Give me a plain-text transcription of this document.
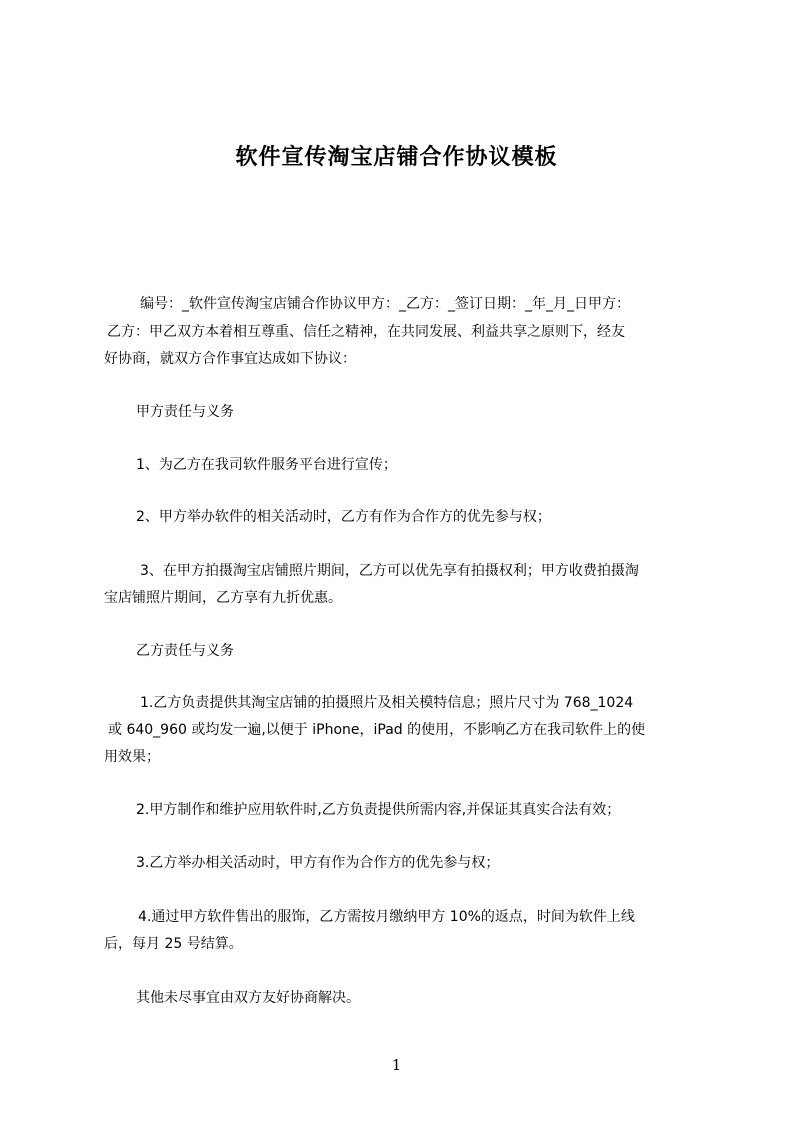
软件宣传淘宝店铺合作协议模板
编号：_软件宣传淘宝店铺合作协议甲方：_乙方：_签订日期：_年_月_日甲方：
乙方：甲乙双方本着相互尊重、信任之精神，在共同发展、利益共享之原则下，经友
好协商，就双方合作事宜达成如下协议：
甲方责任与义务
1、为乙方在我司软件服务平台进行宣传；
2、甲方举办软件的相关活动时，乙方有作为合作方的优先参与权；
3、在甲方拍摄淘宝店铺照片期间，乙方可以优先享有拍摄权利；甲方收费拍摄淘
宝店铺照片期间，乙方享有九折优惠。
乙方责任与义务
1.乙方负责提供其淘宝店铺的拍摄照片及相关模特信息；照片尺寸为 768_1024
或 640_960 或均发一遍,以便于 iPhone，iPad 的使用，不影响乙方在我司软件上的使
用效果；
2.甲方制作和维护应用软件时,乙方负责提供所需内容,并保证其真实合法有效；
3.乙方举办相关活动时，甲方有作为合作方的优先参与权；
4.通过甲方软件售出的服饰，乙方需按月缴纳甲方 10%的返点，时间为软件上线
后，每月 25 号结算。
其他未尽事宜由双方友好协商解决。
1
